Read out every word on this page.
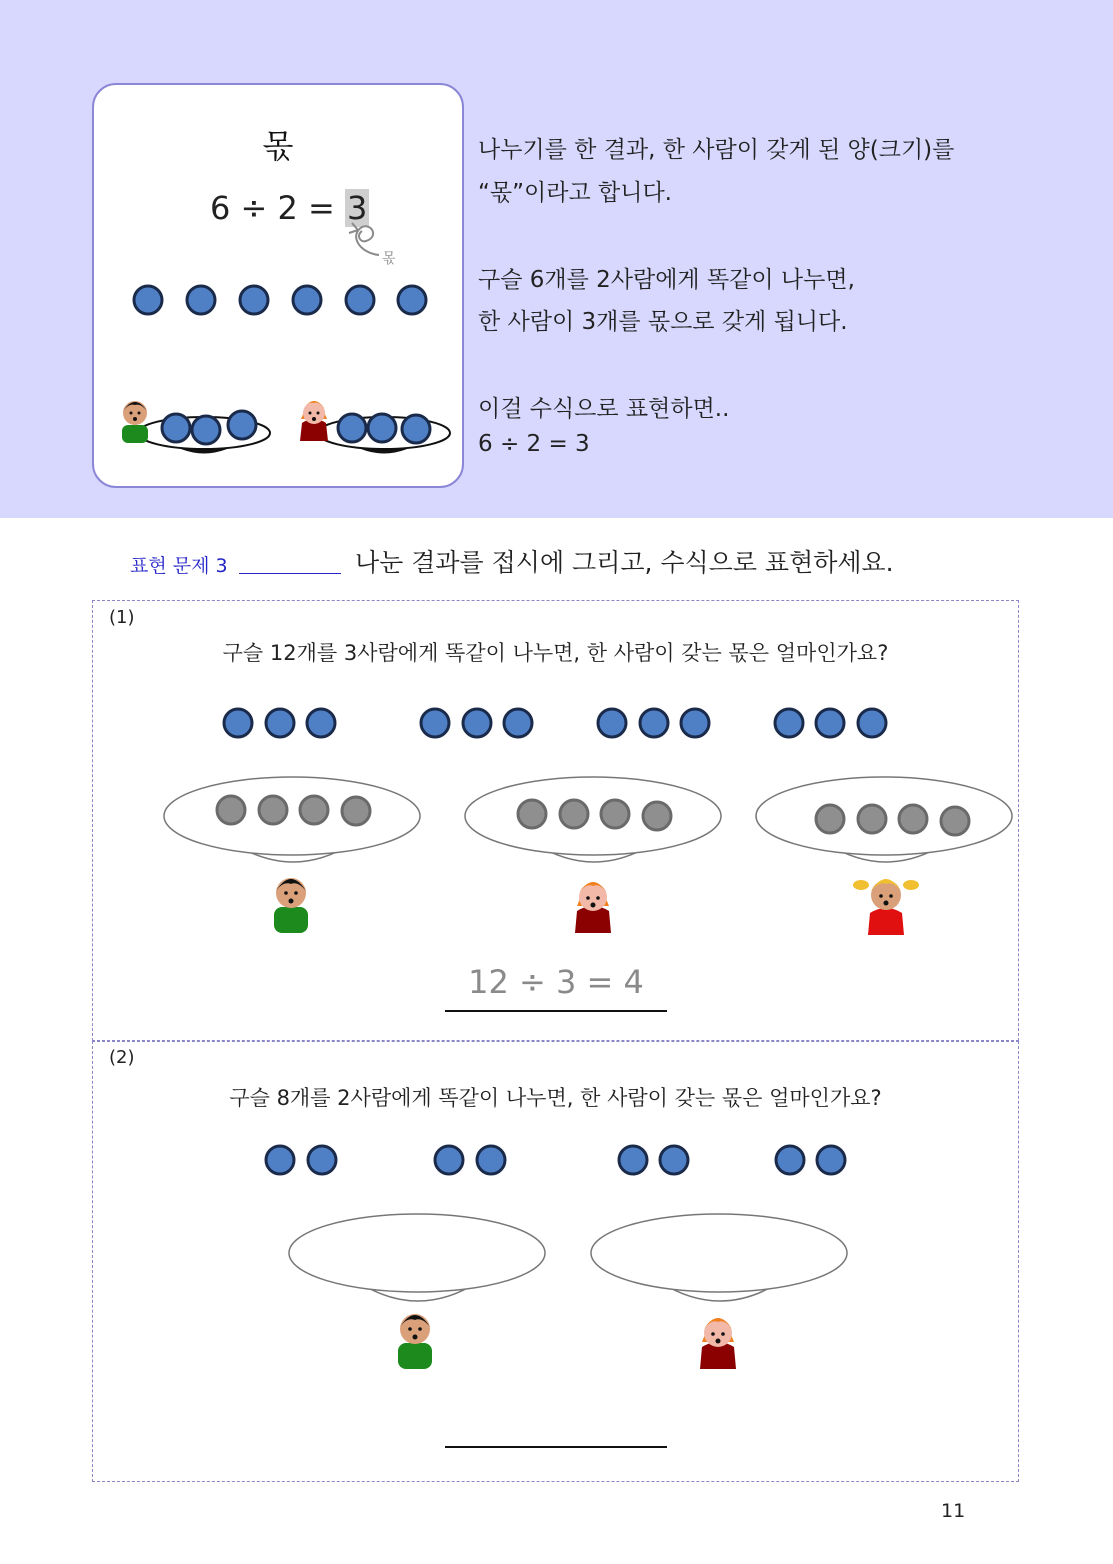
몫
6 ÷ 2 = 3
몫
나누기를 한 결과, 한 사람이 갖게 된 양(크기)를
“몫”이라고 합니다.
구슬 6개를 2사람에게 똑같이 나누면,
한 사람이 3개를 몫으로 갖게 됩니다.
이걸 수식으로 표현하면..
6 ÷ 2 = 3
표현 문제 3	나눈 결과를 접시에 그리고, 수식으로 표현하세요.
(1)
구슬 12개를 3사람에게 똑같이 나누면, 한 사람이 갖는 몫은 얼마인가요?
12 ÷ 3 = 4
(2)
구슬 8개를 2사람에게 똑같이 나누면, 한 사람이 갖는 몫은 얼마인가요?
11
